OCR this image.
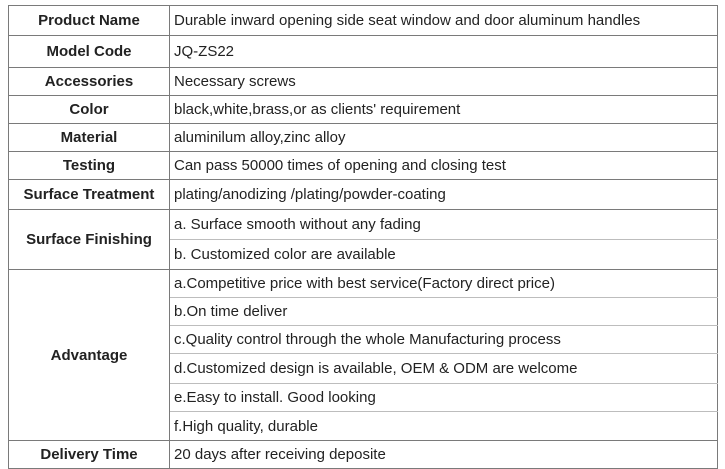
Product Name	Durable inward opening side seat window and door aluminum handles
Model Code	JQ-ZS22
Accessories	Necessary screws
Color	black,white,brass,or as clients' requirement
Material	aluminilum alloy,zinc alloy
Testing	Can pass 50000 times of opening and closing test
Surface Treatment	plating/anodizing /plating/powder-coating
Surface Finishing	a. Surface smooth without any fading
	b. Customized color are available
Advantage	a.Competitive price with best service(Factory direct price)
	b.On time deliver
	c.Quality control through the whole Manufacturing process
	d.Customized design is available, OEM & ODM are welcome
	e.Easy to install. Good looking
	f.High quality, durable
Delivery Time	20 days after receiving deposite
